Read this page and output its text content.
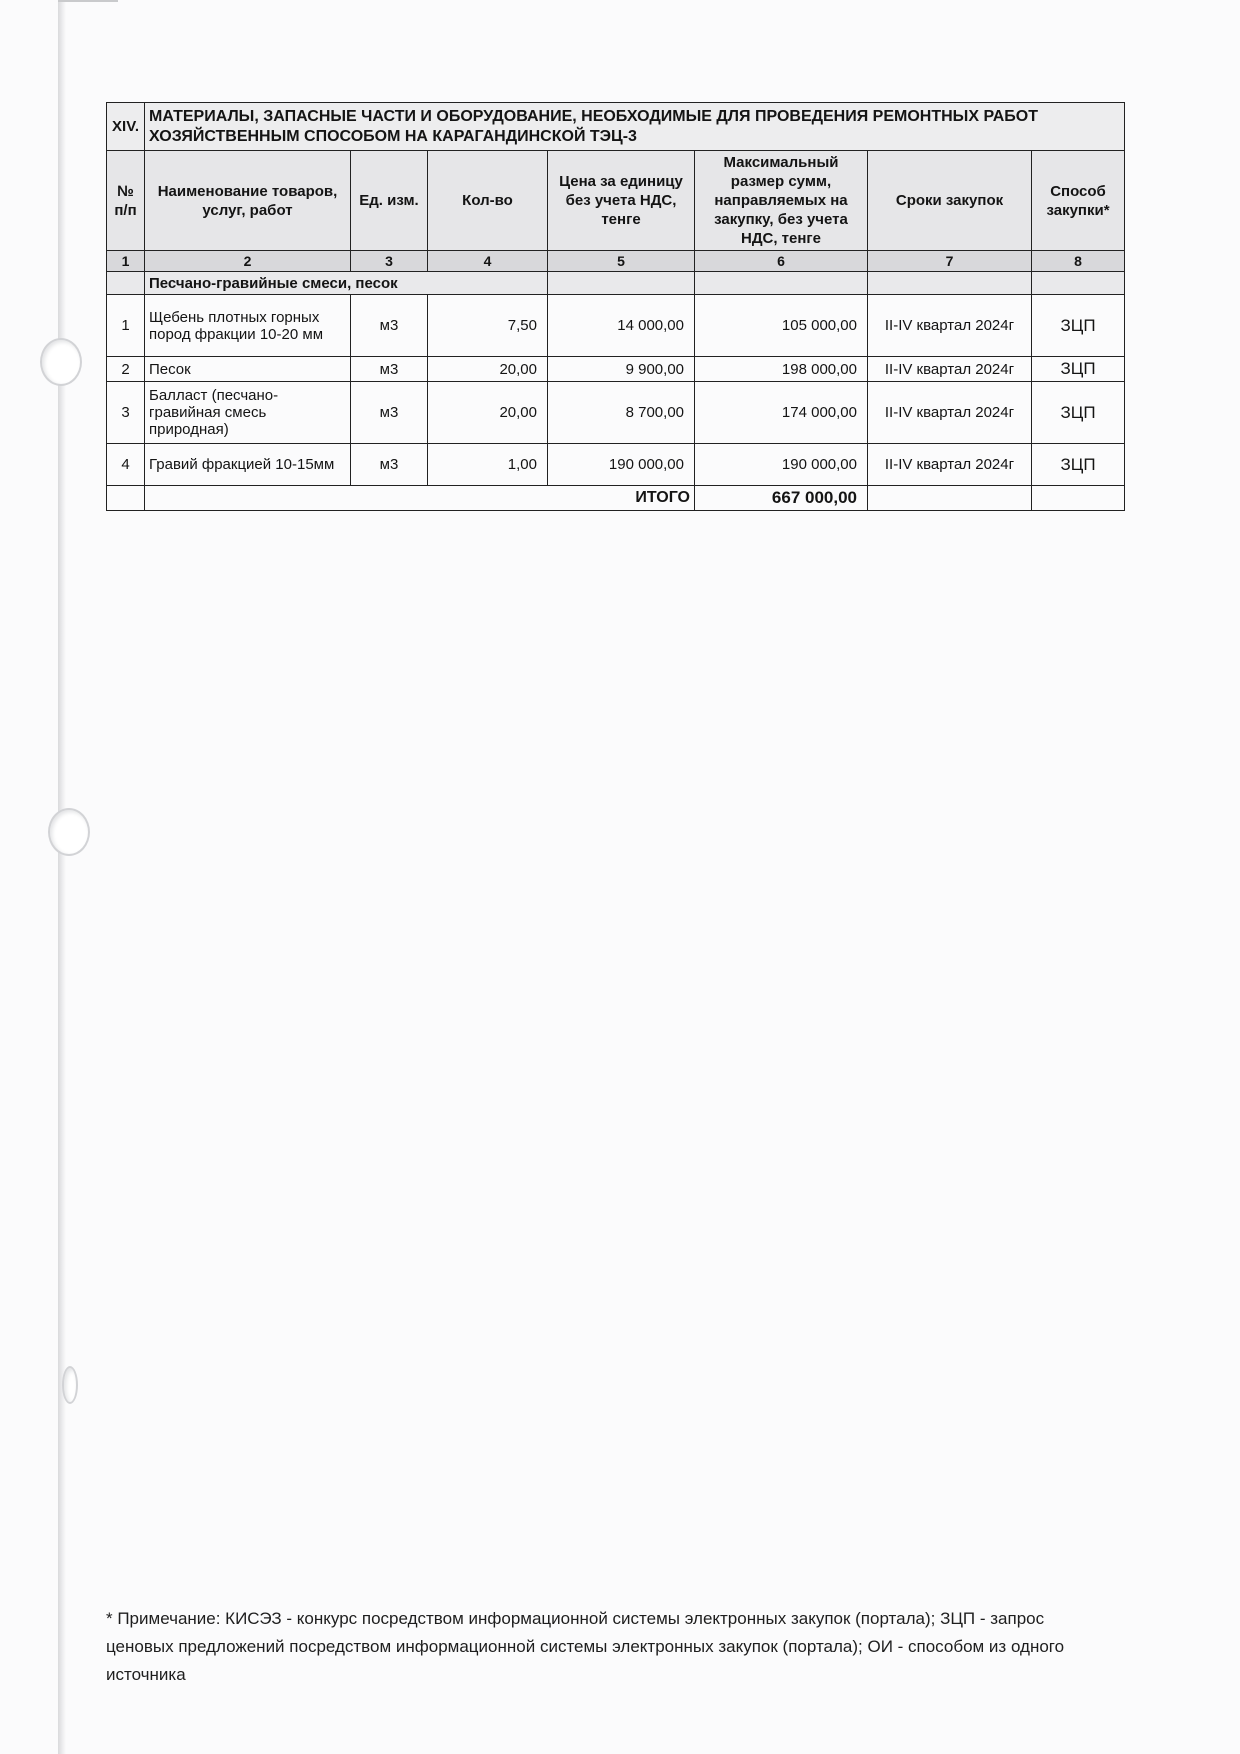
XIV.	МАТЕРИАЛЫ, ЗАПАСНЫЕ ЧАСТИ И ОБОРУДОВАНИЕ, НЕОБХОДИМЫЕ ДЛЯ ПРОВЕДЕНИЯ РЕМОНТНЫХ РАБОТ ХОЗЯЙСТВЕННЫМ СПОСОБОМ НА КАРАГАНДИНСКОЙ ТЭЦ-3						
№ п/п	Наименование товаров, услуг, работ	Ед. изм.	Кол-во	Цена за единицу без учета НДС, тенге	Максимальный размер сумм, направляемых на закупку, без учета НДС, тенге	Сроки закупок	Способ закупки*
1	2	3	4	5	6	7	8
	Песчано-гравийные смеси, песок						
1	Щебень плотных горных пород фракции 10-20 мм	м3	7,50	14 000,00	105 000,00	II-IV квартал 2024г	ЗЦП
2	Песок	м3	20,00	9 900,00	198 000,00	II-IV квартал 2024г	ЗЦП
3	Балласт (песчано-гравийная смесь природная)	м3	20,00	8 700,00	174 000,00	II-IV квартал 2024г	ЗЦП
4	Гравий фракцией 10-15мм	м3	1,00	190 000,00	190 000,00	II-IV квартал 2024г	ЗЦП
	ИТОГО				667 000,00		
* Примечание: КИСЭЗ - конкурс посредством информационной системы электронных закупок (портала); ЗЦП - запрос ценовых предложений посредством информационной системы электронных закупок (портала); ОИ - способом из одного источника
